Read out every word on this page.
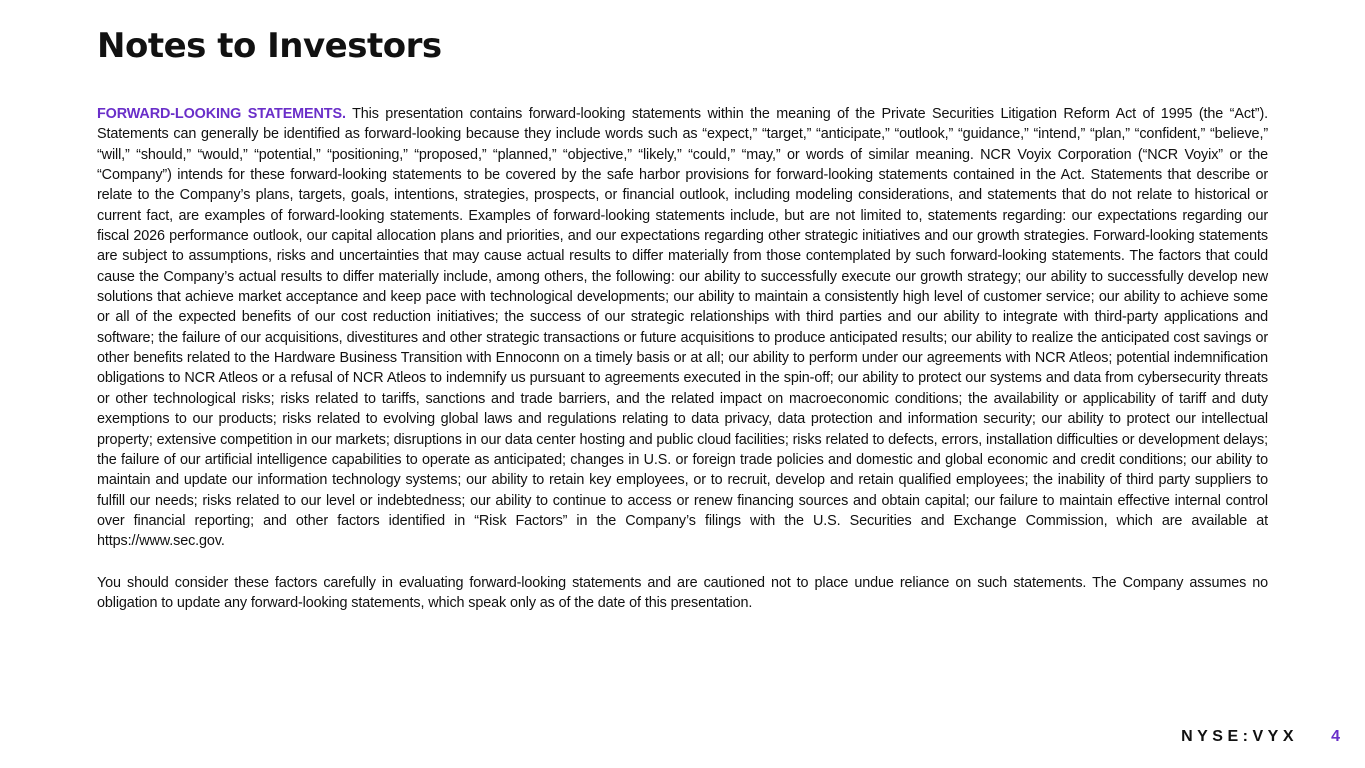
Notes to Investors

FORWARD-LOOKING STATEMENTS. This presentation contains forward-looking statements within the meaning of the Private Securities Litigation Reform Act of 1995 (the “Act”). Statements can generally be identified as forward-looking because they include words such as “expect,” “target,” “anticipate,” “outlook,” “guidance,” “intend,” “plan,” “confident,” “believe,” “will,” “should,” “would,” “potential,” “positioning,” “proposed,” “planned,” “objective,” “likely,” “could,” “may,” or words of similar meaning. NCR Voyix Corporation (“NCR Voyix” or the “Company”) intends for these forward-looking statements to be covered by the safe harbor provisions for forward-looking statements contained in the Act. Statements that describe or relate to the Company’s plans, targets, goals, intentions, strategies, prospects, or financial outlook, including modeling considerations, and statements that do not relate to historical or current fact, are examples of forward-looking statements. Examples of forward-looking statements include, but are not limited to, statements regarding: our expectations regarding our fiscal 2026 performance outlook, our capital allocation plans and priorities, and our expectations regarding other strategic initiatives and our growth strategies. Forward-looking statements are subject to assumptions, risks and uncertainties that may cause actual results to differ materially from those contemplated by such forward-looking statements. The factors that could cause the Company’s actual results to differ materially include, among others, the following: our ability to successfully execute our growth strategy; our ability to successfully develop new solutions that achieve market acceptance and keep pace with technological developments; our ability to maintain a consistently high level of customer service; our ability to achieve some or all of the expected benefits of our cost reduction initiatives; the success of our strategic relationships with third parties and our ability to integrate with third-party applications and software; the failure of our acquisitions, divestitures and other strategic transactions or future acquisitions to produce anticipated results; our ability to realize the anticipated cost savings or other benefits related to the Hardware Business Transition with Ennoconn on a timely basis or at all; our ability to perform under our agreements with NCR Atleos; potential indemnification obligations to NCR Atleos or a refusal of NCR Atleos to indemnify us pursuant to agreements executed in the spin-off; our ability to protect our systems and data from cybersecurity threats or other technological risks; risks related to tariffs, sanctions and trade barriers, and the related impact on macroeconomic conditions; the availability or applicability of tariff and duty exemptions to our products; risks related to evolving global laws and regulations relating to data privacy, data protection and information security; our ability to protect our intellectual property; extensive competition in our markets; disruptions in our data center hosting and public cloud facilities; risks related to defects, errors, installation difficulties or development delays; the failure of our artificial intelligence capabilities to operate as anticipated; changes in U.S. or foreign trade policies and domestic and global economic and credit conditions; our ability to maintain and update our information technology systems; our ability to retain key employees, or to recruit, develop and retain qualified employees; the inability of third party suppliers to fulfill our needs; risks related to our level or indebtedness; our ability to continue to access or renew financing sources and obtain capital; our failure to maintain effective internal control over financial reporting; and other factors identified in “Risk Factors” in the Company’s filings with the U.S. Securities and Exchange Commission, which are available at https://www.sec.gov.

You should consider these factors carefully in evaluating forward-looking statements and are cautioned not to place undue reliance on such statements. The Company assumes no obligation to update any forward-looking statements, which speak only as of the date of this presentation.

NYSE:VYX 4
